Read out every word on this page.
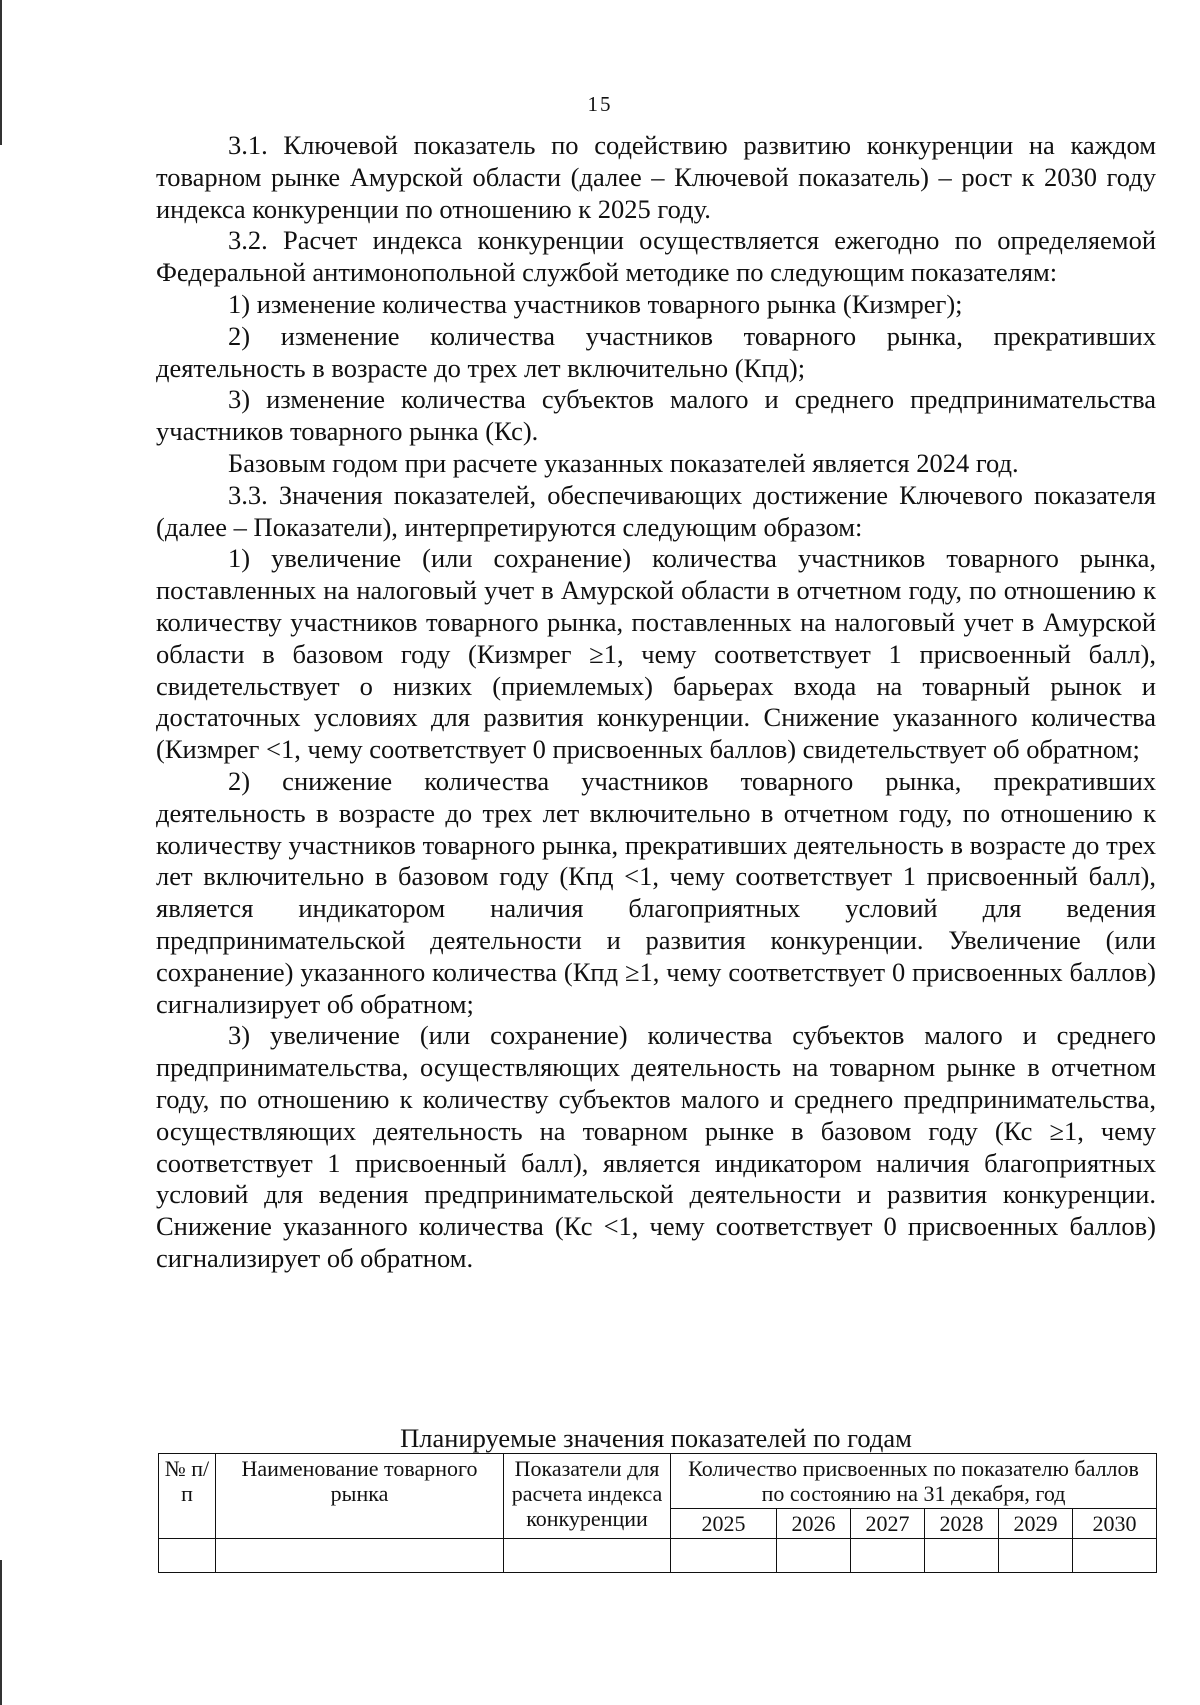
15

3.1. Ключевой показатель по содействию развитию конкуренции на каждом товарном рынке Амурской области (далее – Ключевой показатель) – рост к 2030 году индекса конкуренции по отношению к 2025 году.

3.2. Расчет индекса конкуренции осуществляется ежегодно по определяемой Федеральной антимонопольной службой методике по следующим показателям:

1) изменение количества участников товарного рынка (Кизмрег);

2) изменение количества участников товарного рынка, прекративших деятельность в возрасте до трех лет включительно (Кпд);

3) изменение количества субъектов малого и среднего предпринимательства участников товарного рынка (Кс).

Базовым годом при расчете указанных показателей является 2024 год.

3.3. Значения показателей, обеспечивающих достижение Ключевого показателя (далее – Показатели), интерпретируются следующим образом:

1) увеличение (или сохранение) количества участников товарного рынка, поставленных на налоговый учет в Амурской области в отчетном году, по отношению к количеству участников товарного рынка, поставленных на налоговый учет в Амурской области в базовом году (Кизмрег ≥1, чему соответствует 1 присвоенный балл), свидетельствует о низких (приемлемых) барьерах входа на товарный рынок и достаточных условиях для развития конкуренции. Снижение указанного количества (Кизмрег <1, чему соответствует 0 присвоенных баллов) свидетельствует об обратном;

2) снижение количества участников товарного рынка, прекративших деятельность в возрасте до трех лет включительно в отчетном году, по отношению к количеству участников товарного рынка, прекративших деятельность в возрасте до трех лет включительно в базовом году (Кпд <1, чему соответствует 1 присвоенный балл), является индикатором наличия благоприятных условий для ведения предпринимательской деятельности и развития конкуренции. Увеличение (или сохранение) указанного количества (Кпд ≥1, чему соответствует 0 присвоенных баллов) сигнализирует об обратном;

3) увеличение (или сохранение) количества субъектов малого и среднего предпринимательства, осуществляющих деятельность на товарном рынке в отчетном году, по отношению к количеству субъектов малого и среднего предпринимательства, осуществляющих деятельность на товарном рынке в базовом году (Кс ≥1, чему соответствует 1 присвоенный балл), является индикатором наличия благоприятных условий для ведения предпринимательской деятельности и развития конкуренции. Снижение указанного количества (Кс <1, чему соответствует 0 присвоенных баллов) сигнализирует об обратном.

Планируемые значения показателей по годам
№ п/п	Наименование товарного рынка	Показатели для расчета индекса конкуренции	Количество присвоенных по показателю баллов по состоянию на 31 декабря, год					
			2025	2026	2027	2028	2029	2030
